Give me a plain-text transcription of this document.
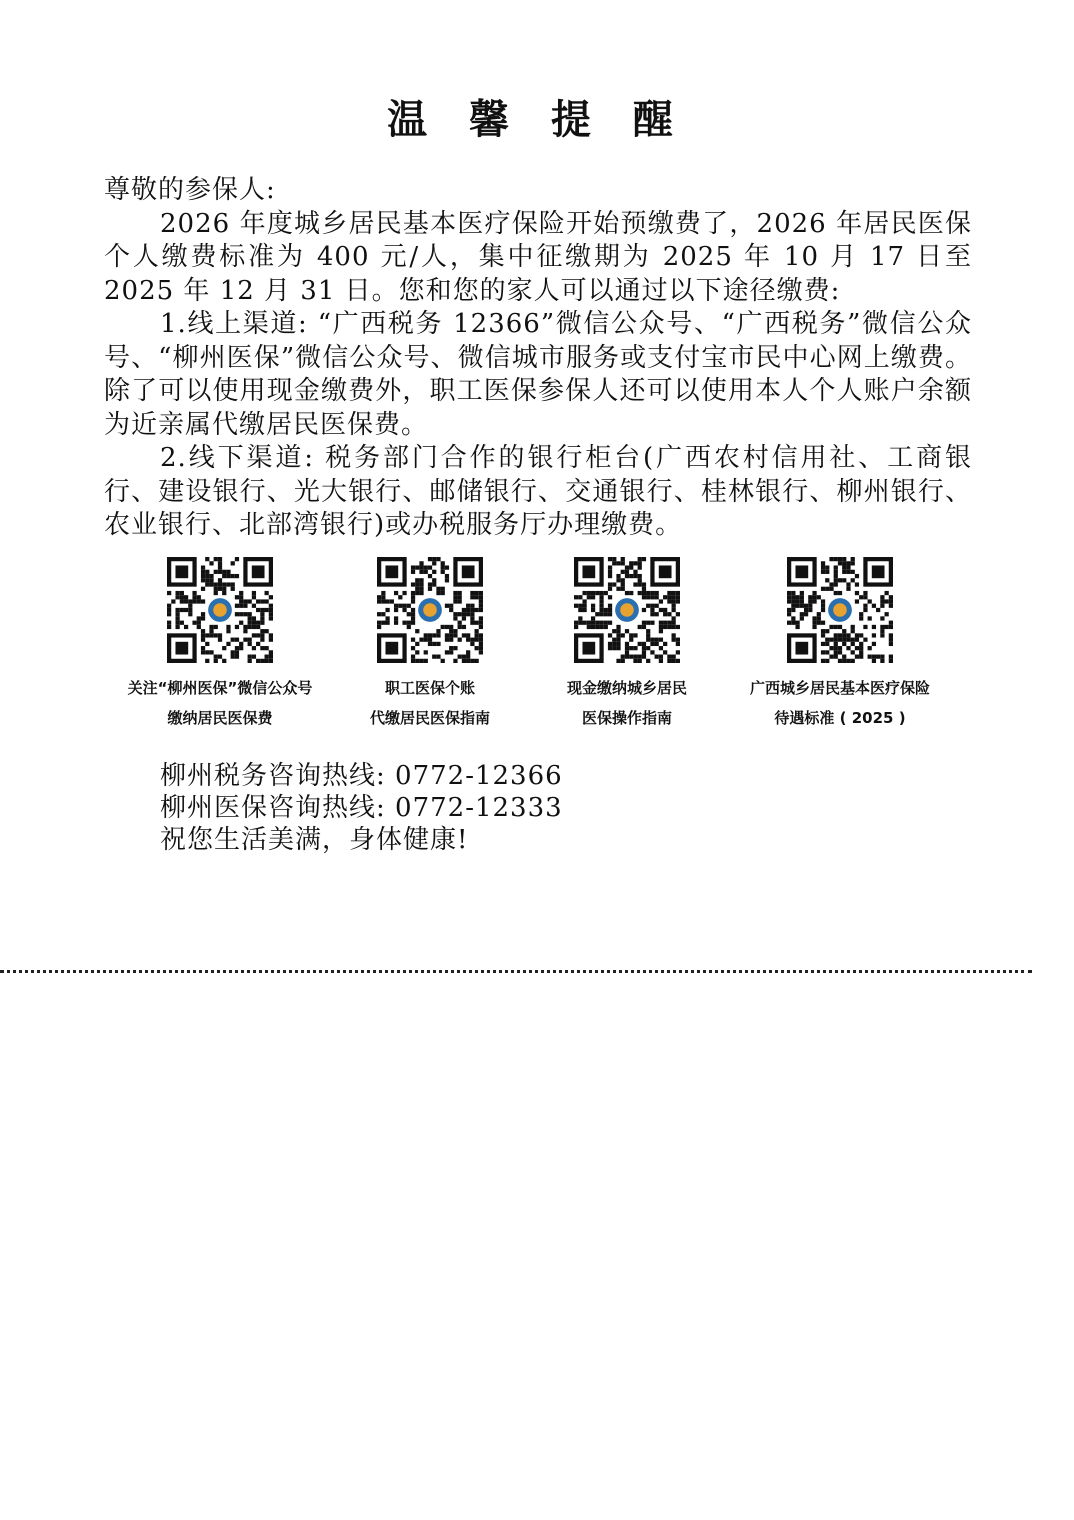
温 馨 提 醒

尊敬的参保人:

2026 年度城乡居民基本医疗保险开始预缴费了，2026 年居民医保个人缴费标准为 400 元/人，集中征缴期为 2025 年 10 月 17 日至 2025 年 12 月 31 日。您和您的家人可以通过以下途径缴费:

1.线上渠道: “广西税务 12366”微信公众号、“广西税务”微信公众号、“柳州医保”微信公众号、微信城市服务或支付宝市民中心网上缴费。除了可以使用现金缴费外，职工医保参保人还可以使用本人个人账户余额为近亲属代缴居民医保费。

2.线下渠道: 税务部门合作的银行柜台(广西农村信用社、工商银行、建设银行、光大银行、邮储银行、交通银行、桂林银行、柳州银行、农业银行、北部湾银行)或办税服务厅办理缴费。

关注“柳州医保”微信公众号
缴纳居民医保费
职工医保个账
代缴居民医保指南
现金缴纳城乡居民
医保操作指南
广西城乡居民基本医疗保险
待遇标准 ( 2025 )
柳州税务咨询热线: 0772-12366
柳州医保咨询热线: 0772-12333
祝您生活美满，身体健康!
